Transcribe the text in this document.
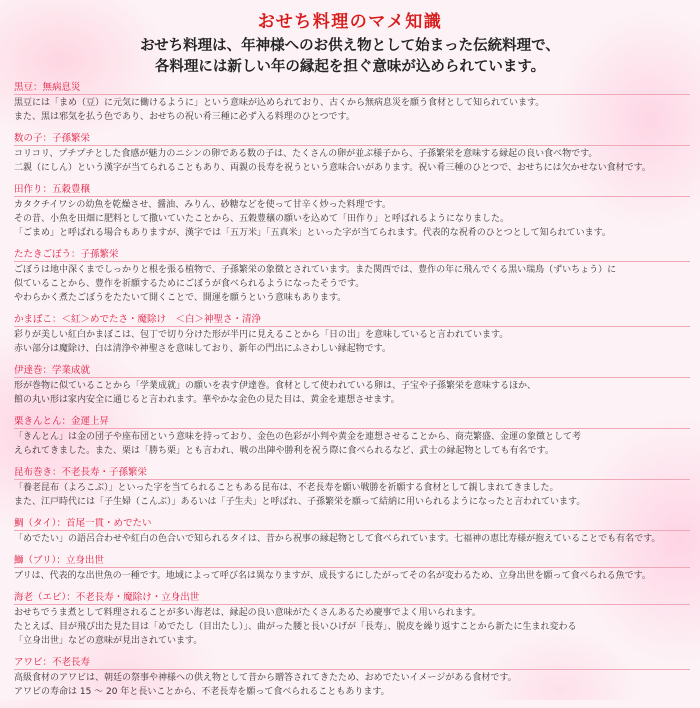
おせち料理のマメ知識
おせち料理は、年神様へのお供え物として始まった伝統料理で、
各料理には新しい年の縁起を担ぐ意味が込められています。
黒豆：無病息災
黒豆には「まめ（豆）に元気に働けるように」という意味が込められており、古くから無病息災を願う食材として知られています。
また、黒は邪気を払う色であり、おせちの祝い肴三種に必ず入る料理のひとつです。
数の子：子孫繁栄
コリコリ、プチプチとした食感が魅力のニシンの卵である数の子は、たくさんの卵が並ぶ様子から、子孫繁栄を意味する縁起の良い食べ物です。
二親（にしん）という漢字が当てられることもあり、両親の長寿を祝うという意味合いがあります。祝い肴三種のひとつで、おせちには欠かせない食材です。
田作り：五穀豊穣
カタクチイワシの幼魚を乾燥させ、醤油、みりん、砂糖などを使って甘辛く炒った料理です。
その昔、小魚を田畑に肥料として撒いていたことから、五穀豊穣の願いを込めて「田作り」と呼ばれるようになりました。
「ごまめ」と呼ばれる場合もありますが、漢字では「五万米」「五真米」といった字が当てられます。代表的な祝肴のひとつとして知られています。
たたきごぼう：子孫繁栄
ごぼうは地中深くまでしっかりと根を張る植物で、子孫繁栄の象徴とされています。また関西では、豊作の年に飛んでくる黒い瑞鳥（ずいちょう）に
似ていることから、豊作を祈願するためにごぼうが食べられるようになったそうです。
やわらかく煮たごぼうをたたいて開くことで、開運を願うという意味もあります。
かまぼこ：＜紅＞めでたさ・魔除け　＜白＞神聖さ・清浄
彩りが美しい紅白かまぼこは、包丁で切り分けた形が半円に見えることから「日の出」を意味していると言われています。
赤い部分は魔除け、白は清浄や神聖さを意味しており、新年の門出にふさわしい縁起物です。
伊達巻：学業成就
形が巻物に似ていることから「学業成就」の願いを表す伊達巻。食材として使われている卵は、子宝や子孫繁栄を意味するほか、
館の丸い形は家内安全に通じると言われます。華やかな金色の見た目は、黄金を連想させます。
栗きんとん：金運上昇
「きんとん」は金の団子や座布団という意味を持っており、金色の色彩が小判や黄金を連想させることから、商売繁盛、金運の象徴として考
えられてきました。また、栗は「勝ち栗」とも言われ、戦の出陣や勝利を祝う際に食べられるなど、武士の縁起物としても有名です。
昆布巻き：不老長寿・子孫繁栄
「養老昆布（よろこぶ）」といった字を当てられることもある昆布は、不老長寿を願い戦勝を祈願する食材として親しまれてきました。
また、江戸時代には「子生婦（こんぶ）」あるいは「子生夫」と呼ばれ、子孫繁栄を願って結納に用いられるようになったと言われています。
鯛（タイ）：首尾一貫・めでたい
「めでたい」の語呂合わせや紅白の色合いで知られるタイは、昔から祝事の縁起物として食べられています。七福神の恵比寿様が抱えていることでも有名です。
鰤（ブリ）：立身出世
ブリは、代表的な出世魚の一種です。地域によって呼び名は異なりますが、成長するにしたがってその名が変わるため、立身出世を願って食べられる魚です。
海老（エビ）：不老長寿・魔除け・立身出世
おせちでうま煮として料理されることが多い海老は、縁起の良い意味がたくさんあるため慶事でよく用いられます。
たとえば、目が飛び出た見た目は「めでたし（目出たし）」、曲がった腰と長いひげが「長寿」、脱皮を繰り返すことから新たに生まれ変わる
「立身出世」などの意味が見出されています。
アワビ：不老長寿
高級食材のアワビは、朝廷の祭事や神様への供え物として昔から贈答されてきたため、おめでたいイメージがある食材です。
アワビの寿命は 15 ～ 20 年と長いことから、不老長寿を願って食べられることもあります。
